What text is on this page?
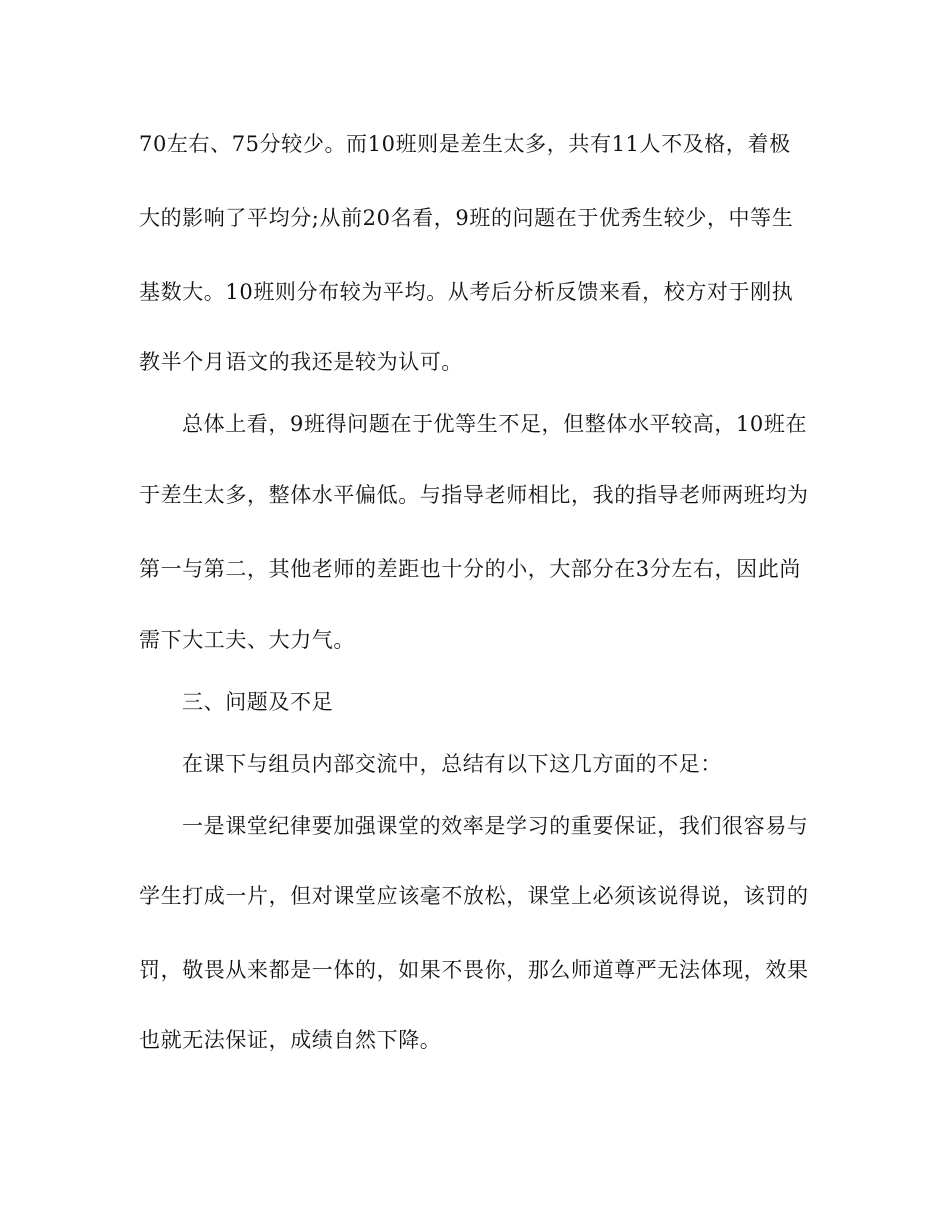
70左右、75分较少。而10班则是差生太多，共有11人不及格，着极
大的影响了平均分;从前20名看，9班的问题在于优秀生较少，中等生
基数大。10班则分布较为平均。从考后分析反馈来看，校方对于刚执
教半个月语文的我还是较为认可。
总体上看，9班得问题在于优等生不足，但整体水平较高，10班在
于差生太多，整体水平偏低。与指导老师相比，我的指导老师两班均为
第一与第二，其他老师的差距也十分的小，大部分在3分左右，因此尚
需下大工夫、大力气。
三、问题及不足
在课下与组员内部交流中，总结有以下这几方面的不足：
一是课堂纪律要加强课堂的效率是学习的重要保证，我们很容易与
学生打成一片，但对课堂应该毫不放松，课堂上必须该说得说，该罚的
罚，敬畏从来都是一体的，如果不畏你，那么师道尊严无法体现，效果
也就无法保证，成绩自然下降。
